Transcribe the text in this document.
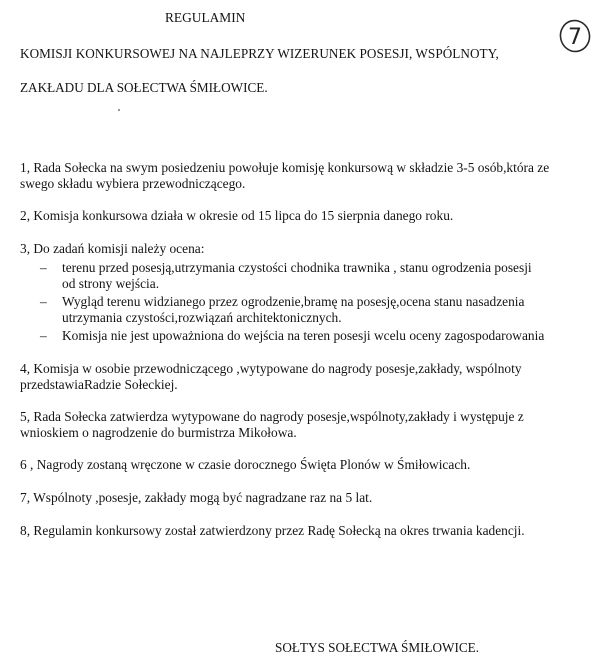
REGULAMIN
7
KOMISJI KONKURSOWEJ NA NAJLEPRZY WIZERUNEK POSESJI, WSPÓLNOTY,
ZAKŁADU DLA SOŁECTWA ŚMIŁOWICE.
1, Rada Sołecka na swym posiedzeniu powołuje komisję konkursową w składzie 3-5 osób,która ze
swego składu wybiera przewodniczącego.
2, Komisja konkursowa działa w okresie od 15 lipca do 15 sierpnia danego roku.
3, Do zadań komisji należy ocena:
– terenu przed posesją,utrzymania czystości chodnika trawnika , stanu ogrodzenia posesji
od strony wejścia.
– Wygląd terenu widzianego przez ogrodzenie,bramę na posesję,ocena stanu nasadzenia
utrzymania czystości,rozwiązań architektonicznych.
– Komisja nie jest upoważniona do wejścia na teren posesji wcelu oceny zagospodarowania
4, Komisja w osobie przewodniczącego ,wytypowane do nagrody posesje,zakłady, wspólnoty
przedstawiaRadzie Sołeckiej.
5, Rada Sołecka zatwierdza wytypowane do nagrody posesje,wspólnoty,zakłady i występuje z
wnioskiem o nagrodzenie do burmistrza Mikołowa.
6 , Nagrody zostaną wręczone w czasie dorocznego Święta Plonów w Śmiłowicach.
7, Wspólnoty ,posesje, zakłady mogą być nagradzane raz na 5 lat.
8, Regulamin konkursowy został zatwierdzony przez Radę Sołecką na okres trwania kadencji.
SOŁTYS SOŁECTWA ŚMIŁOWICE.
